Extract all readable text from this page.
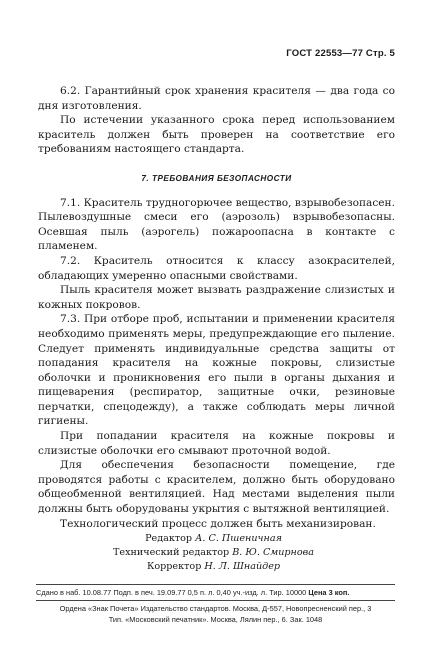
ГОСТ 22553—77 Стр. 5

6.2. Гарантийный срок хранения красителя — два года со дня изготовления.

По истечении указанного срока перед использованием краситель должен быть проверен на соответствие его требованиям настоящего стандарта.

7. ТРЕБОВАНИЯ БЕЗОПАСНОСТИ

7.1. Краситель трудногорючее вещество, взрывобезопасен. Пылевоздушные смеси его (аэрозоль) взрывобезопасны. Осевшая пыль (аэрогель) пожароопасна в контакте с пламенем.

7.2. Краситель относится к классу азокрасителей, обладающих умеренно опасными свойствами.

Пыль красителя может вызвать раздражение слизистых и кожных покровов.

7.3. При отборе проб, испытании и применении красителя необходимо применять меры, предупреждающие его пыление. Следует применять индивидуальные средства защиты от попадания красителя на кожные покровы, слизистые оболочки и проникновения его пыли в органы дыхания и пищеварения (респиратор, защитные очки, резиновые перчатки, спецодежду), а также соблюдать меры личной гигиены.

При попадании красителя на кожные покровы и слизистые оболочки его смывают проточной водой.

Для обеспечения безопасности помещение, где проводятся работы с красителем, должно быть оборудовано общеобменной вентиляцией. Над местами выделения пыли должны быть оборудованы укрытия с вытяжной вентиляцией.

Технологический процесс должен быть механизирован.

Редактор А. С. Пшеничная
Технический редактор В. Ю. Смирнова
Корректор Н. Л. Шнайдер
Сдано в наб. 10.08.77 Подп. в печ. 19.09.77 0,5 п. л. 0,40 уч.-изд. л. Тир. 10000 Цена 3 коп.
Ордена «Знак Почета» Издательство стандартов. Москва, Д-557, Новопресненский пер., 3
Тип. «Московский печатник». Москва, Лялин пер., 6. Зак. 1048
